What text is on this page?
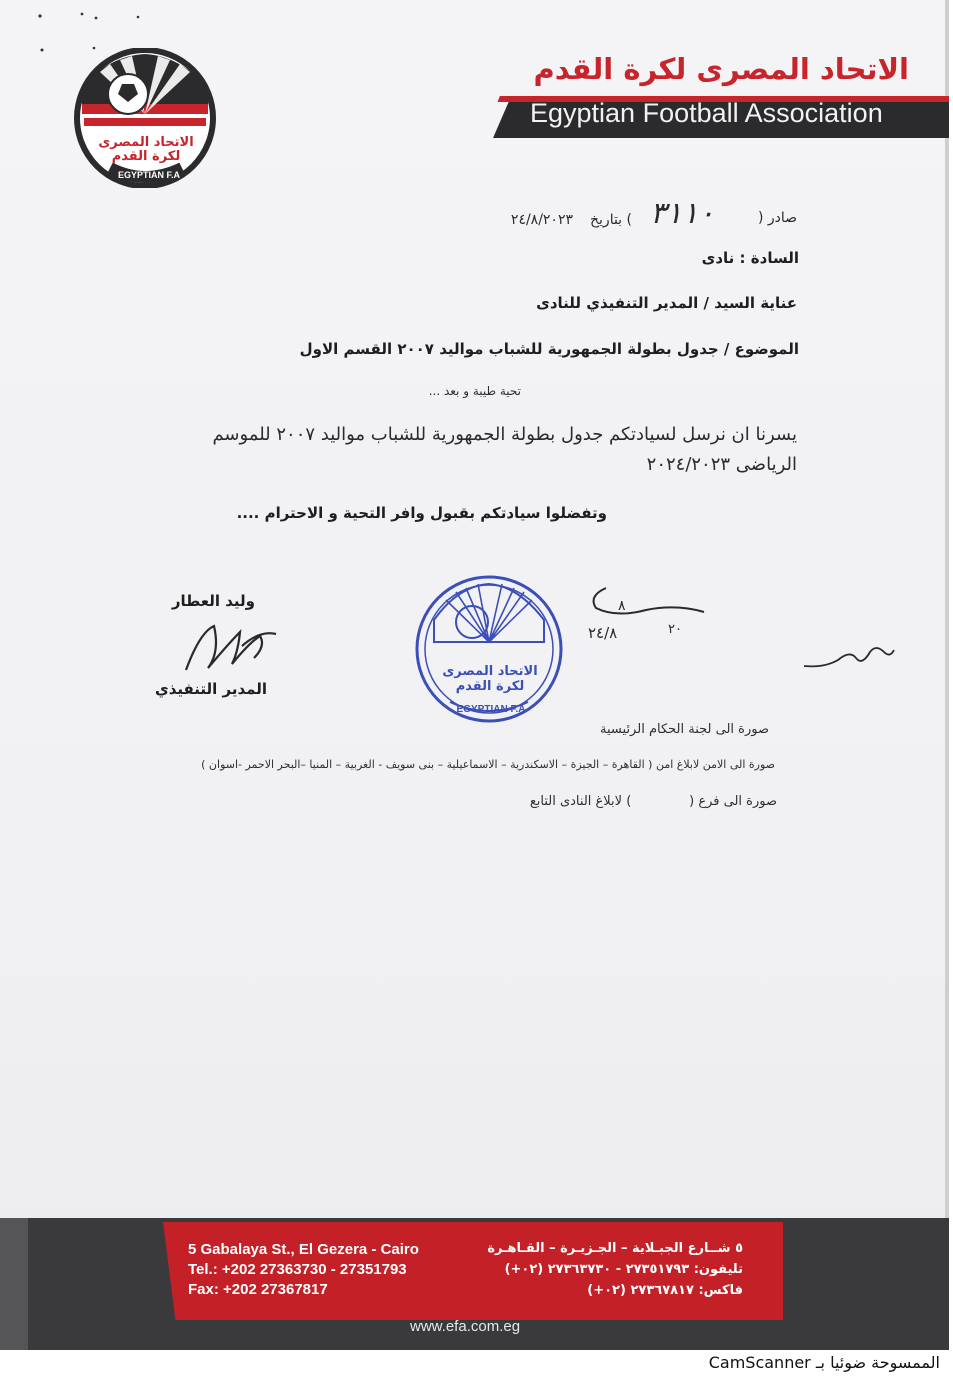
الاتحاد المصرى لكرة القدم
EGYPTIAN F.A
الاتحاد المصرى لكرة القدم
Egyptian Football Association
صادر (
٣١١٠
) بتاريخ
٢٤/٨/٢٠٢٣
السادة : نادى
عناية السيد / المدير التنفيذي للنادى
الموضوع / جدول بطولة الجمهورية للشباب مواليد ٢٠٠٧ القسم الاول
تحية طيبة و بعد ...
يسرنا ان نرسل لسيادتكم جدول بطولة الجمهورية للشباب مواليد ٢٠٠٧ للموسم
الرياضى ٢٠٢٤/٢٠٢٣
وتفضلوا سيادتكم بقبول وافر التحية و الاحترام ....
وليد العطار
المدير التنفيذي
الاتحاد المصرى لكرة القدم
EGYPTIAN F.A
٨
٢٠
٢٤/٨
صورة الى لجنة الحكام الرئيسية
صورة الى الامن لابلاغ امن ( القاهرة – الجيزة – الاسكندرية – الاسماعيلية – بنى سويف - الغربية – المنيا –البحر الاحمر -اسوان )
صورة الى فرع (              ) لابلاغ النادى التابع
5 Gabalaya St., El Gezera - Cairo
Tel.: +202 27363730 - 27351793
Fax: +202 27367817
٥ شــارع الجبـلاية – الجـزيـرة – القـاهـرة
تليفون: ٢٧٣٥١٧٩٣ - ٢٧٣٦٣٧٣٠ (٠٢+)
فاكس: ٢٧٣٦٧٨١٧ (٠٢+)
www.efa.com.eg
الممسوحة ضوئيا بـ CamScanner
